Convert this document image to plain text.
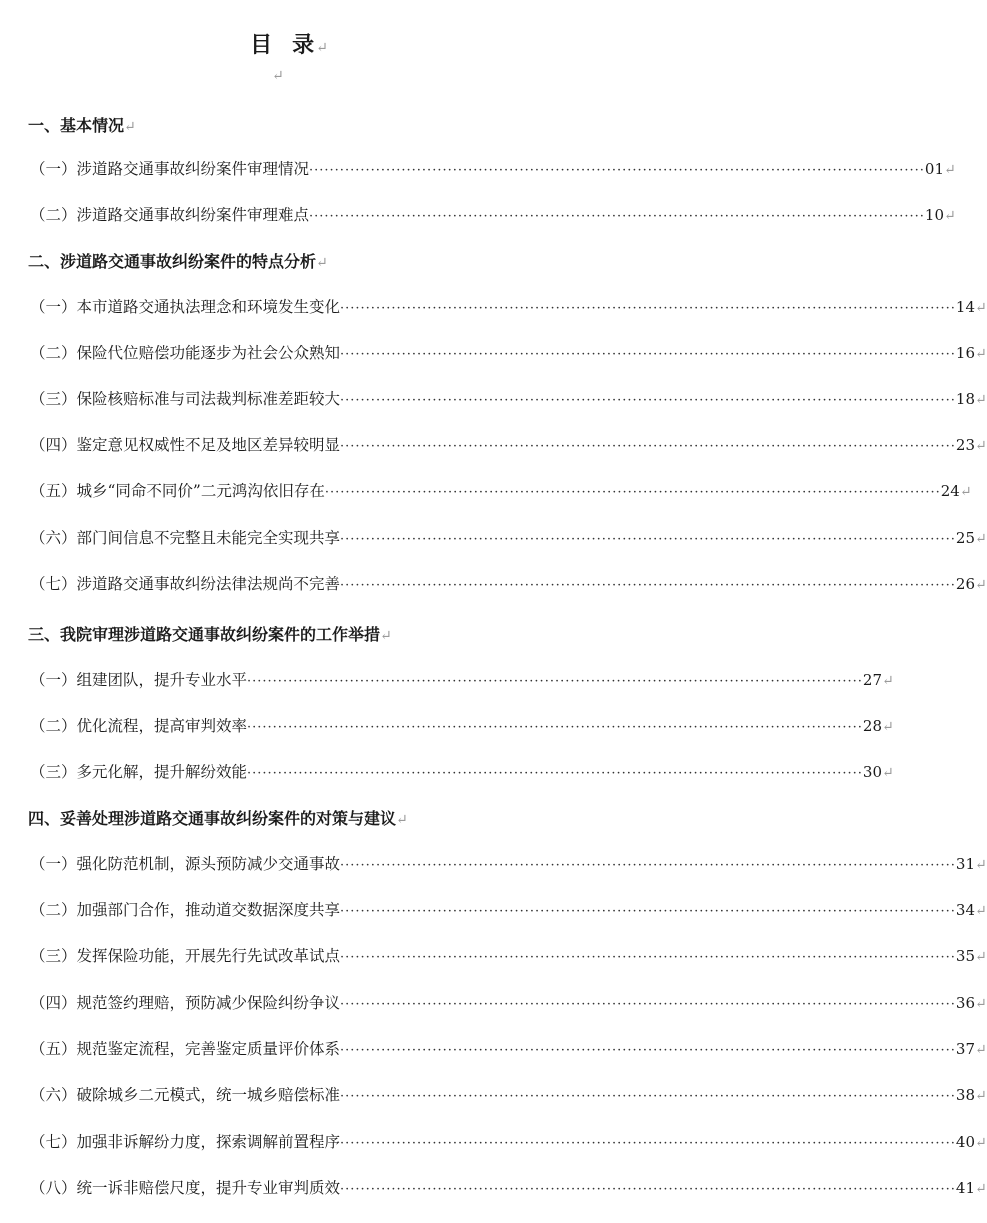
目 录↵
↵
一、基本情况↵
（一）涉道路交通事故纠纷案件审理情况 ························································································································ 01 ↵
（二）涉道路交通事故纠纷案件审理难点 ························································································································ 10 ↵
二、涉道路交通事故纠纷案件的特点分析↵
（一）本市道路交通执法理念和环境发生变化 ························································································································ 14 ↵
（二）保险代位赔偿功能逐步为社会公众熟知 ························································································································ 16 ↵
（三）保险核赔标准与司法裁判标准差距较大 ························································································································ 18 ↵
（四）鉴定意见权威性不足及地区差异较明显 ························································································································ 23 ↵
（五）城乡“同命不同价”二元鸿沟依旧存在 ························································································································ 24 ↵
（六）部门间信息不完整且未能完全实现共享 ························································································································ 25 ↵
（七）涉道路交通事故纠纷法律法规尚不完善 ························································································································ 26 ↵
三、我院审理涉道路交通事故纠纷案件的工作举措↵
（一）组建团队，提升专业水平 ························································································································ 27 ↵
（二）优化流程，提高审判效率 ························································································································ 28 ↵
（三）多元化解，提升解纷效能 ························································································································ 30 ↵
四、妥善处理涉道路交通事故纠纷案件的对策与建议↵
（一）强化防范机制，源头预防减少交通事故 ························································································································ 31 ↵
（二）加强部门合作，推动道交数据深度共享 ························································································································ 34 ↵
（三）发挥保险功能，开展先行先试改革试点 ························································································································ 35 ↵
（四）规范签约理赔，预防减少保险纠纷争议 ························································································································ 36 ↵
（五）规范鉴定流程，完善鉴定质量评价体系 ························································································································ 37 ↵
（六）破除城乡二元模式，统一城乡赔偿标准 ························································································································ 38 ↵
（七）加强非诉解纷力度，探索调解前置程序 ························································································································ 40 ↵
（八）统一诉非赔偿尺度，提升专业审判质效 ························································································································ 41 ↵
